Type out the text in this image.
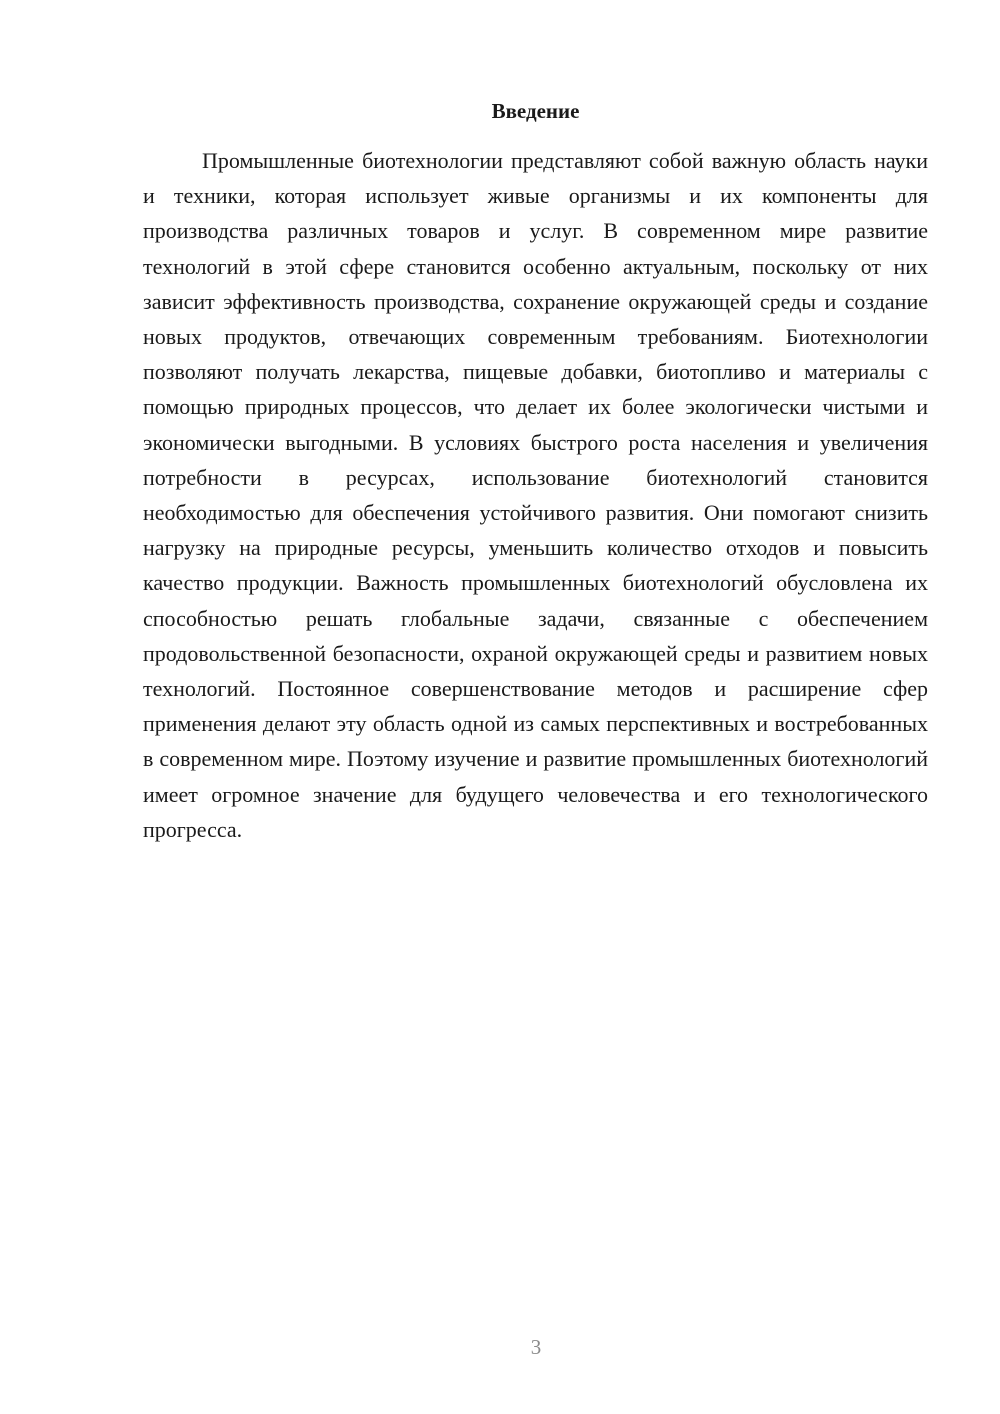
Введение

Промышленные биотехнологии представляют собой важную область науки и техники, которая использует живые организмы и их компоненты для производства различных товаров и услуг. В современном мире развитие технологий в этой сфере становится особенно актуальным, поскольку от них зависит эффективность производства, сохранение окружающей среды и создание новых продуктов, отвечающих современным требованиям. Биотехнологии позволяют получать лекарства, пищевые добавки, биотопливо и материалы с помощью природных процессов, что делает их более экологически чистыми и экономически выгодными. В условиях быстрого роста населения и увеличения потребности в ресурсах, использование биотехнологий становится необходимостью для обеспечения устойчивого развития. Они помогают снизить нагрузку на природные ресурсы, уменьшить количество отходов и повысить качество продукции. Важность промышленных биотехнологий обусловлена их способностью решать глобальные задачи, связанные с обеспечением продовольственной безопасности, охраной окружающей среды и развитием новых технологий. Постоянное совершенствование методов и расширение сфер применения делают эту область одной из самых перспективных и востребованных в современном мире. Поэтому изучение и развитие промышленных биотехнологий имеет огромное значение для будущего человечества и его технологического прогресса.

3
